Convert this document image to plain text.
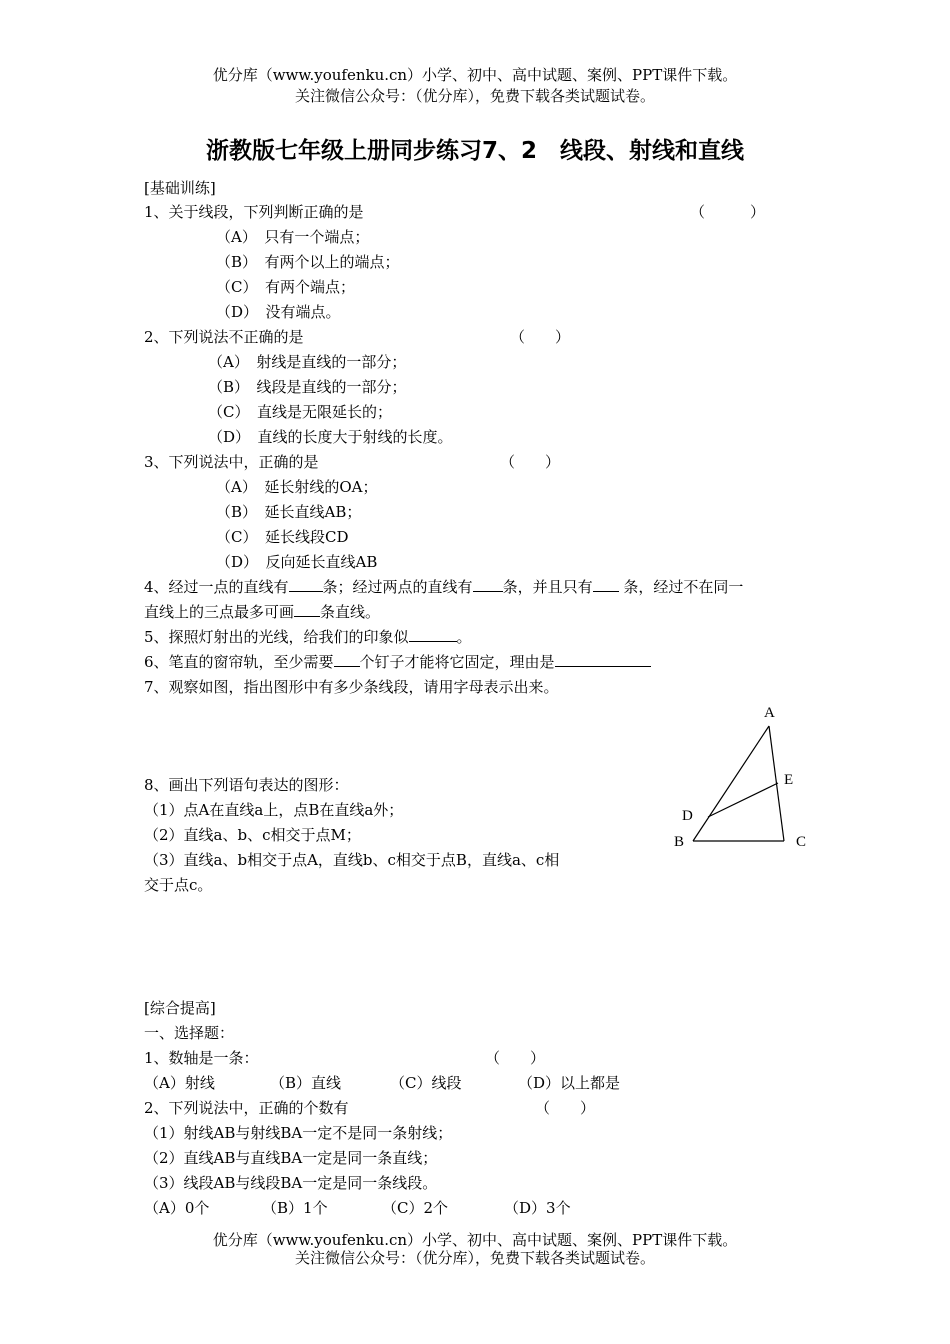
优分库（www.youfenku.cn）小学、初中、高中试题、案例、PPT课件下载。
关注微信公众号：（优分库），免费下载各类试题试卷。
浙教版七年级上册同步练习7、2　线段、射线和直线
[基础训练]
1、关于线段，下列判断正确的是	（　　　）
（A）　只有一个端点；
（B）　有两个以上的端点；
（C）　有两个端点；
（D）　没有端点。
2、下列说法不正确的是	（　　）
（A）　射线是直线的一部分；
（B）　线段是直线的一部分；
（C）　直线是无限延长的；
（D）　直线的长度大于射线的长度。
3、下列说法中，正确的是	（　　）
（A）　延长射线的OA；
（B）　延长直线AB；
（C）　延长线段CD
（D）　反向延长直线AB
4、经过一点的直线有 条；经过两点的直线有 条，并且只有 条，经过不在同一
直线上的三点最多可画 条直线。
5、探照灯射出的光线，给我们的印象似	。
6、笔直的窗帘轨，至少需要 个钉子才能将它固定，理由是
7、观察如图，指出图形中有多少条线段，请用字母表示出来。
A
B	C
D
E
8、画出下列语句表达的图形：
（1）点A在直线a上，点B在直线a外；
（2）直线a、b、c相交于点M；
（3）直线a、b相交于点A，直线b、c相交于点B，直线a、c相
交于点c。
[综合提高]
一、选择题：
1、数轴是一条：	（　　）
（A）射线	（B）直线	（C）线段	（D）以上都是
2、下列说法中，正确的个数有	（　　）
（1）射线AB与射线BA一定不是同一条射线；
（2）直线AB与直线BA一定是同一条直线；
（3）线段AB与线段BA一定是同一条线段。
（A）0个	（B）1个	（C）2个	（D）3个
优分库（www.youfenku.cn）小学、初中、高中试题、案例、PPT课件下载。
关注微信公众号：（优分库），免费下载各类试题试卷。
